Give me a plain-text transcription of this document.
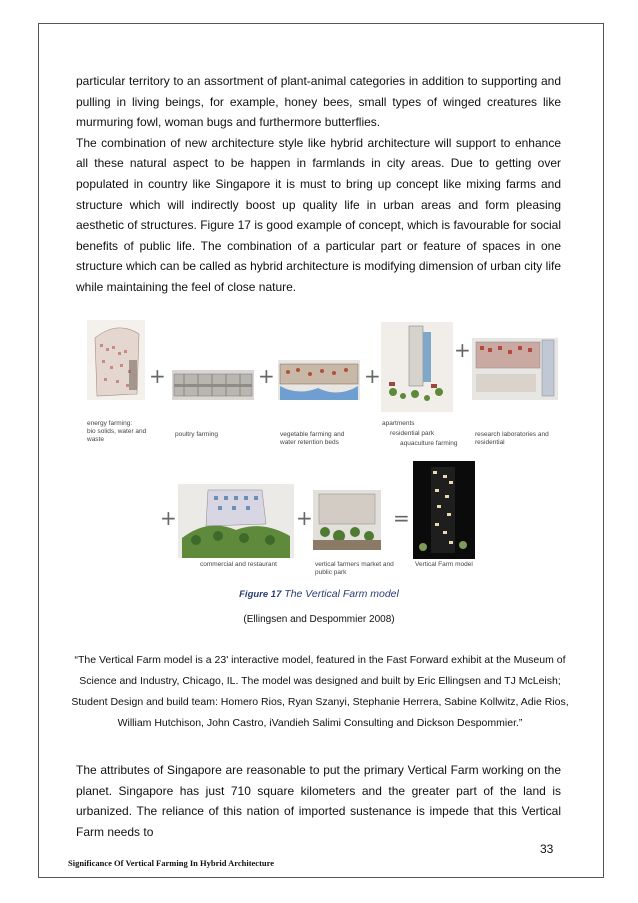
particular territory to an assortment of plant-animal categories in addition to supporting and pulling in living beings, for example, honey bees, small types of winged creatures like murmuring fowl, woman bugs and furthermore butterflies.

The combination of new architecture style like hybrid architecture will support to enhance all these natural aspect to be happen in farmlands in city areas. Due to getting over populated in country like Singapore it is must to bring up concept like mixing farms and structure which will indirectly boost up quality life in urban areas and form pleasing aesthetic of structures. Figure 17 is good example of concept, which is favourable for social benefits of public life. The combination of a particular part or feature of spaces in one structure which can be called as hybrid architecture is modifying dimension of urban city life while maintaining the feel of close nature.

+	+	+
+
energy farming:
bio solids, water and
waste
poultry farming	vegetable farming and
water retention beds
apartments
residential park
aquaculture farming
research laboratories and
residential
+	+	=
commercial and restaurant	vertical farmers market and
public park
Vertical Farm model
Figure 17 The Vertical Farm model
(Ellingsen and Despommier 2008)

“The Vertical Farm model is a 23' interactive model, featured in the Fast Forward exhibit at the Museum of Science and Industry, Chicago, IL. The model was designed and built by Eric Ellingsen and TJ McLeish; Student Design and build team: Homero Rios, Ryan Szanyi, Stephanie Herrera, Sabine Kollwitz, Adie Rios, William Hutchison, John Castro, iVandieh Salimi Consulting and Dickson Despommier.”

The attributes of Singapore are reasonable to put the primary Vertical Farm working on the planet. Singapore has just 710 square kilometers and the greater part of the land is urbanized. The reliance of this nation of imported sustenance is impede that this Vertical Farm needs to

33
Significance Of Vertical Farming In Hybrid Architecture
